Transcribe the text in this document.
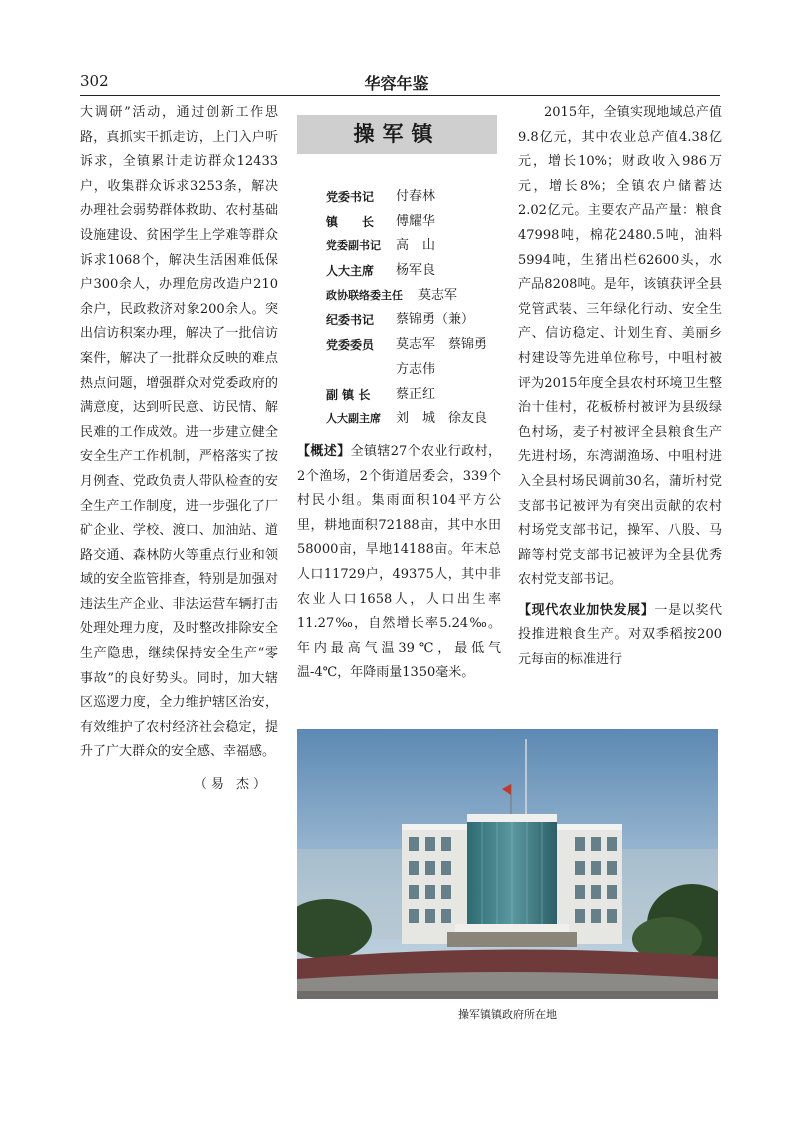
302	华容年鉴

大调研”活动，通过创新工作思路，真抓实干抓走访，上门入户听诉求，全镇累计走访群众12433户，收集群众诉求3253条，解决办理社会弱势群体救助、农村基础设施建设、贫困学生上学难等群众诉求1068个，解决生活困难低保户300余人，办理危房改造户210余户，民政救济对象200余人。突出信访积案办理，解决了一批信访案件，解决了一批群众反映的难点热点问题，增强群众对党委政府的满意度，达到听民意、访民情、解民难的工作成效。进一步建立健全安全生产工作机制，严格落实了按月例查、党政负责人带队检查的安全生产工作制度，进一步强化了厂矿企业、学校、渡口、加油站、道路交通、森林防火等重点行业和领域的安全监管排查，特别是加强对违法生产企业、非法运营车辆打击处理处理力度，及时整改排除安全生产隐患，继续保持安全生产“零事故”的良好势头。同时，加大辖区巡逻力度，全力维护辖区治安，有效维护了农村经济社会稳定，提升了广大群众的安全感、幸福感。

（易 杰）

操军镇
党委书记 付春林
镇　　长 傅耀华
党委副书记 高　山
人大主席 杨军良
政协联络委主任 莫志军
纪委书记 蔡锦勇（兼）
党委委员 莫志军　蔡锦勇
方志伟
副 镇 长 蔡正红
人大副主席 刘　城　徐友良
【概述】全镇辖27个农业行政村，2个渔场，2个街道居委会，339个村民小组。集雨面积104平方公里，耕地面积72188亩，其中水田58000亩，旱地14188亩。年末总人口11729户，49375人，其中非农业人口1658人，人口出生率11.27‰，自然增长率5.24‰。年内最高气温39℃，最低气温-4℃，年降雨量1350毫米。

2015年，全镇实现地域总产值9.8亿元，其中农业总产值4.38亿元，增长10%；财政收入986万元，增长8%；全镇农户储蓄达2.02亿元。主要农产品产量：粮食47998吨，棉花2480.5吨，油料5994吨，生猪出栏62600头，水产品8208吨。是年，该镇获评全县党管武装、三年绿化行动、安全生产、信访稳定、计划生育、美丽乡村建设等先进单位称号，中咀村被评为2015年度全县农村环境卫生整治十佳村，花板桥村被评为县级绿色村场，麦子村被评全县粮食生产先进村场，东湾湖渔场、中咀村进入全县村场民调前30名，蒲圻村党支部书记被评为有突出贡献的农村村场党支部书记，操军、八股、马蹄等村党支部书记被评为全县优秀农村党支部书记。

【现代农业加快发展】一是以奖代投推进粮食生产。对双季稻按200元每亩的标准进行

操军镇镇政府所在地
